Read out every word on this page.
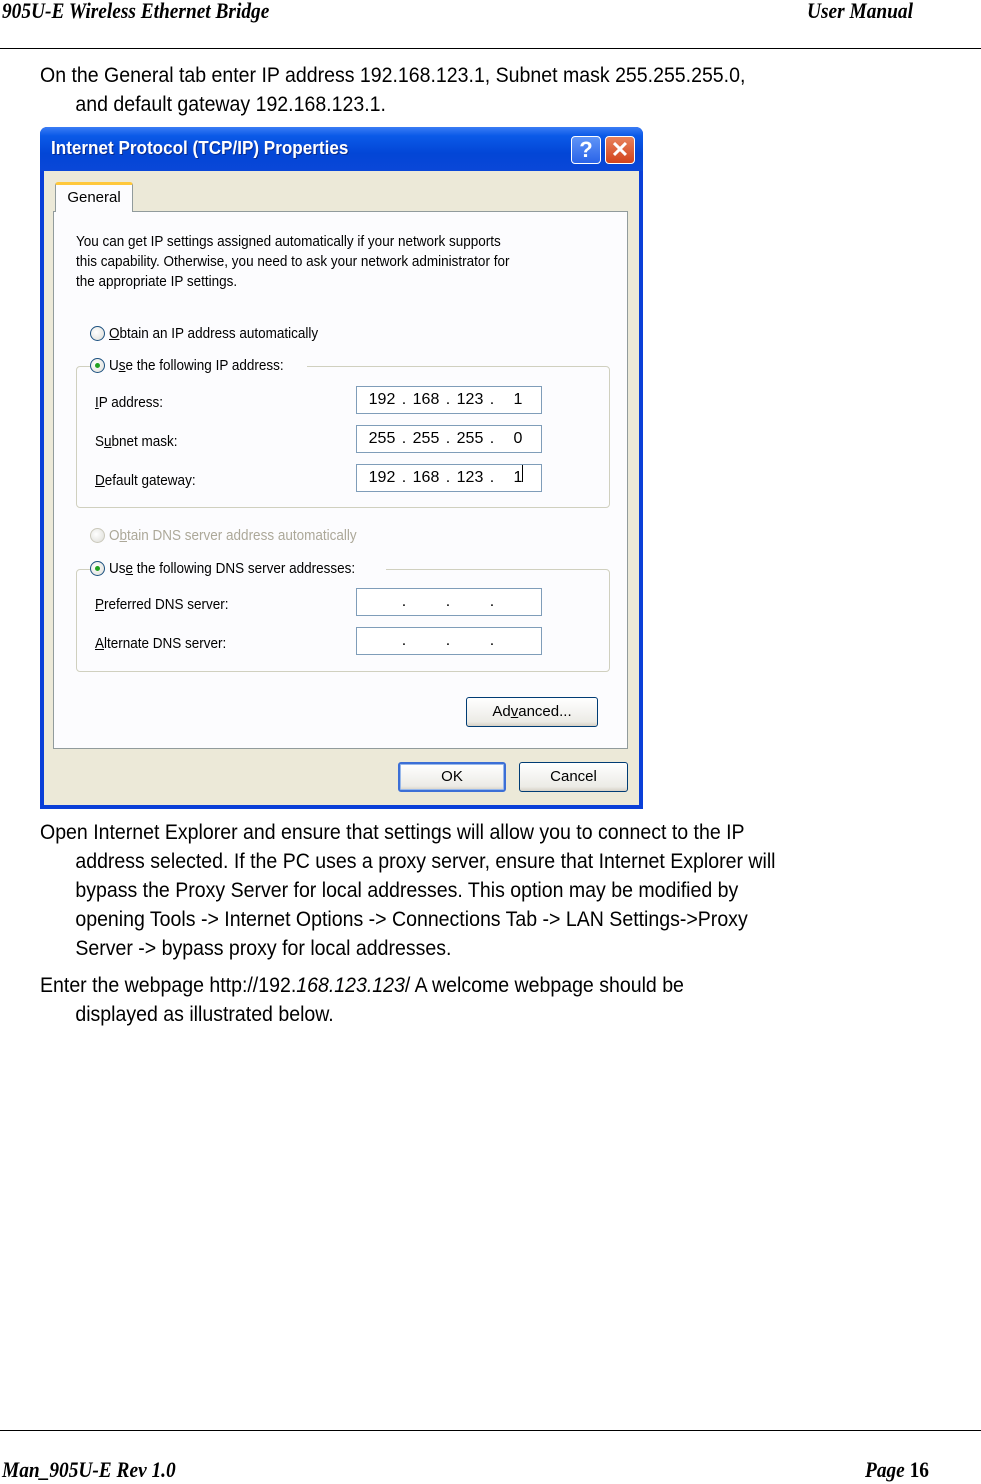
905U-E Wireless Ethernet Bridge	User Manual
On the General tab enter IP address 192.168.123.1, Subnet mask 255.255.255.0,
and default gateway 192.168.123.1.
Internet Protocol (TCP/IP) Properties	? ✕
General
You can get IP settings assigned automatically if your network supports
this capability. Otherwise, you need to ask your network administrator for
the appropriate IP settings.
Obtain an IP address automatically
Use the following IP address:
IP address:	192 . 168 . 123 .	1
Subnet mask:	255 . 255 . 255 .	0
Default gateway:	192 . 168 . 123 .	1
Obtain DNS server address automatically
Use the following DNS server addresses:
Preferred DNS server:	. . .
Alternate DNS server:	. . .
Advanced...
OK	Cancel
Open Internet Explorer and ensure that settings will allow you to connect to the IP
address selected. If the PC uses a proxy server, ensure that Internet Explorer will
bypass the Proxy Server for local addresses. This option may be modified by
opening Tools -> Internet Options -> Connections Tab -> LAN Settings->Proxy
Server -> bypass proxy for local addresses.
Enter the webpage http://192.168.123.123/ A welcome webpage should be
displayed as illustrated below.
Man_905U-E Rev 1.0	Page 16
